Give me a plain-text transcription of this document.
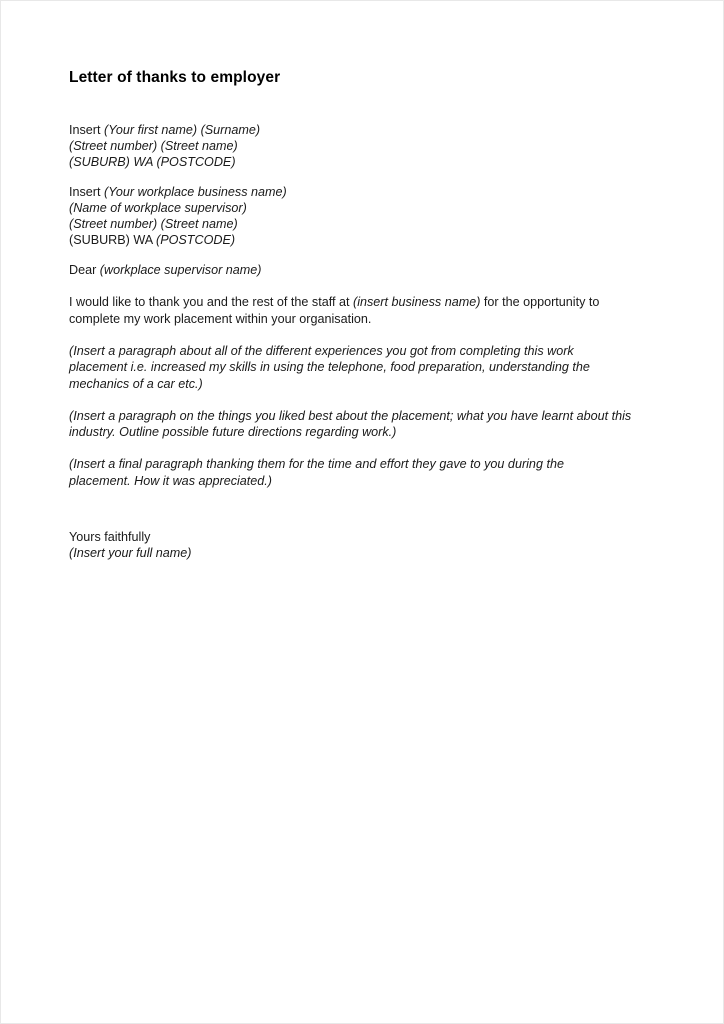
Letter of thanks to employer
Insert (Your first name) (Surname)
(Street number) (Street name)
(SUBURB) WA (POSTCODE)
Insert (Your workplace business name)
(Name of workplace supervisor)
(Street number) (Street name)
(SUBURB) WA (POSTCODE)
Dear (workplace supervisor name)

I would like to thank you and the rest of the staff at (insert business name) for the opportunity to complete my work placement within your organisation.

(Insert a paragraph about all of the different experiences you got from completing this work placement i.e. increased my skills in using the telephone, food preparation, understanding the mechanics of a car etc.)

(Insert a paragraph on the things you liked best about the placement; what you have learnt about this industry. Outline possible future directions regarding work.)

(Insert a final paragraph thanking them for the time and effort they gave to you during the placement. How it was appreciated.)

Yours faithfully
(Insert your full name)
